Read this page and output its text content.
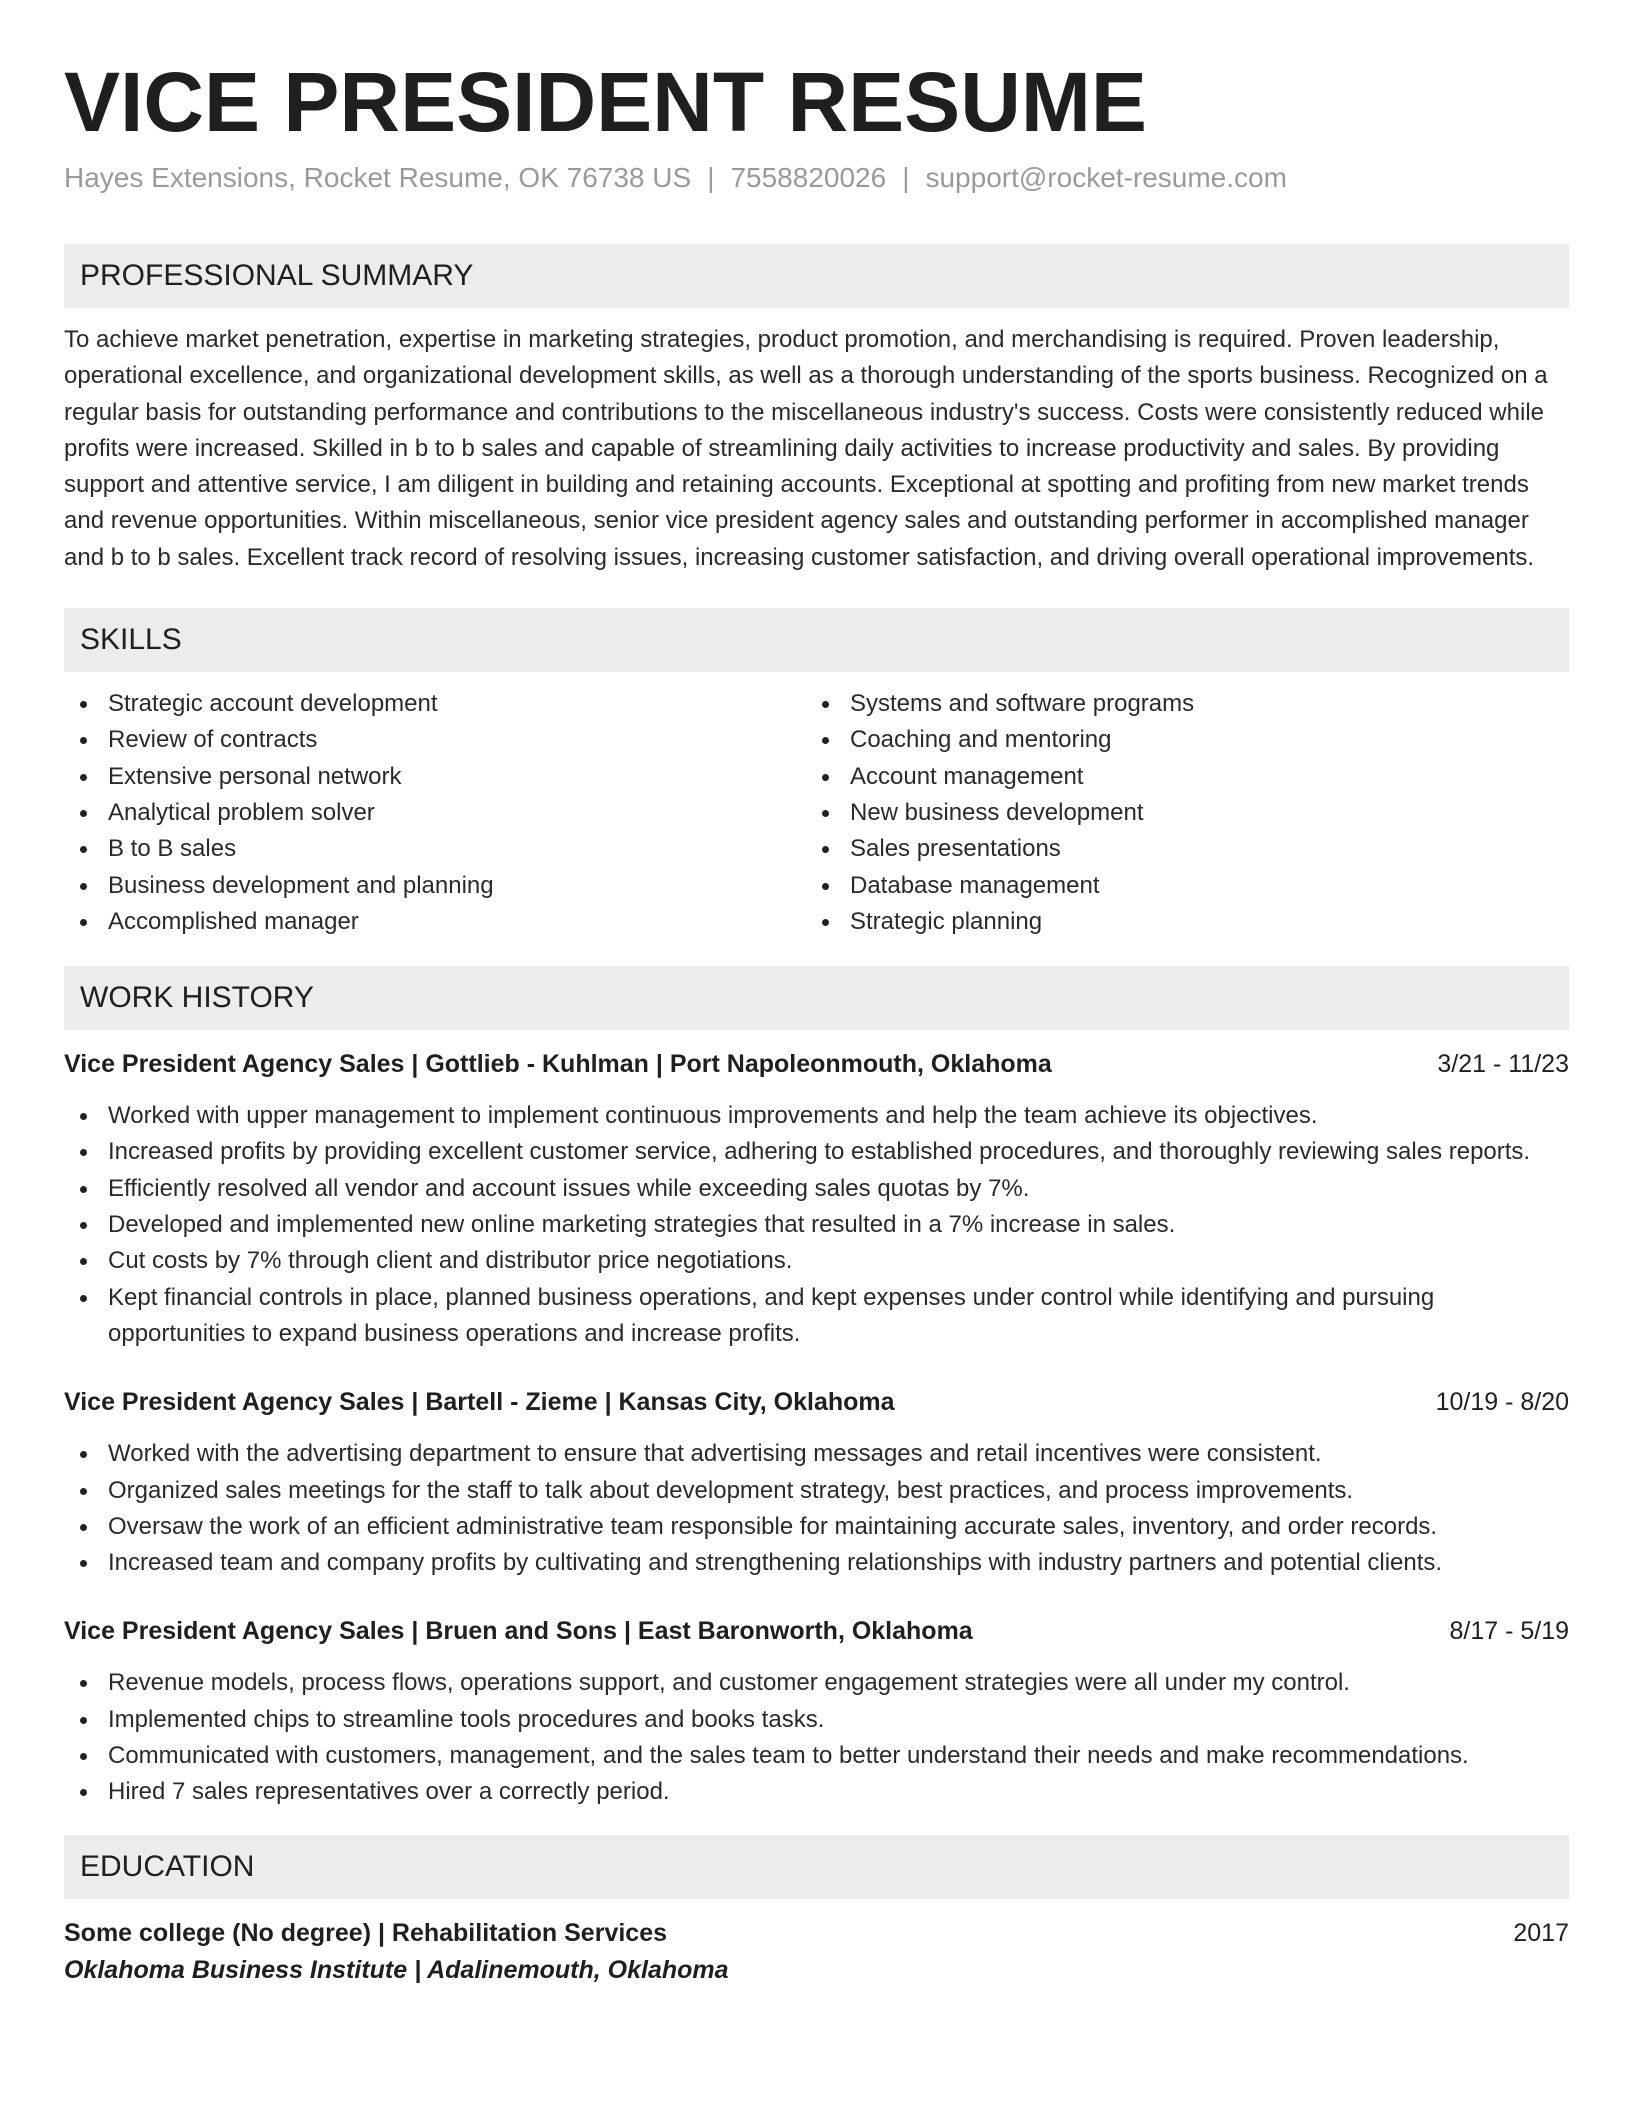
VICE PRESIDENT RESUME
Hayes Extensions, Rocket Resume, OK 76738 US | 7558820026 | support@rocket-resume.com
PROFESSIONAL SUMMARY
To achieve market penetration, expertise in marketing strategies, product promotion, and merchandising is required. Proven leadership, operational excellence, and organizational development skills, as well as a thorough understanding of the sports business. Recognized on a regular basis for outstanding performance and contributions to the miscellaneous industry's success. Costs were consistently reduced while profits were increased. Skilled in b to b sales and capable of streamlining daily activities to increase productivity and sales. By providing support and attentive service, I am diligent in building and retaining accounts. Exceptional at spotting and profiting from new market trends and revenue opportunities. Within miscellaneous, senior vice president agency sales and outstanding performer in accomplished manager and b to b sales. Excellent track record of resolving issues, increasing customer satisfaction, and driving overall operational improvements.
SKILLS
Strategic account development
Review of contracts
Extensive personal network
Analytical problem solver
B to B sales
Business development and planning
Accomplished manager
Systems and software programs
Coaching and mentoring
Account management
New business development
Sales presentations
Database management
Strategic planning
WORK HISTORY
Vice President Agency Sales | Gottlieb - Kuhlman | Port Napoleonmouth, Oklahoma	3/21 - 11/23
Worked with upper management to implement continuous improvements and help the team achieve its objectives.
Increased profits by providing excellent customer service, adhering to established procedures, and thoroughly reviewing sales reports.
Efficiently resolved all vendor and account issues while exceeding sales quotas by 7%.
Developed and implemented new online marketing strategies that resulted in a 7% increase in sales.
Cut costs by 7% through client and distributor price negotiations.
Kept financial controls in place, planned business operations, and kept expenses under control while identifying and pursuing opportunities to expand business operations and increase profits.
Vice President Agency Sales | Bartell - Zieme | Kansas City, Oklahoma	10/19 - 8/20
Worked with the advertising department to ensure that advertising messages and retail incentives were consistent.
Organized sales meetings for the staff to talk about development strategy, best practices, and process improvements.
Oversaw the work of an efficient administrative team responsible for maintaining accurate sales, inventory, and order records.
Increased team and company profits by cultivating and strengthening relationships with industry partners and potential clients.
Vice President Agency Sales | Bruen and Sons | East Baronworth, Oklahoma	8/17 - 5/19
Revenue models, process flows, operations support, and customer engagement strategies were all under my control.
Implemented chips to streamline tools procedures and books tasks.
Communicated with customers, management, and the sales team to better understand their needs and make recommendations.
Hired 7 sales representatives over a correctly period.
EDUCATION
Some college (No degree) | Rehabilitation Services	2017
Oklahoma Business Institute | Adalinemouth, Oklahoma
